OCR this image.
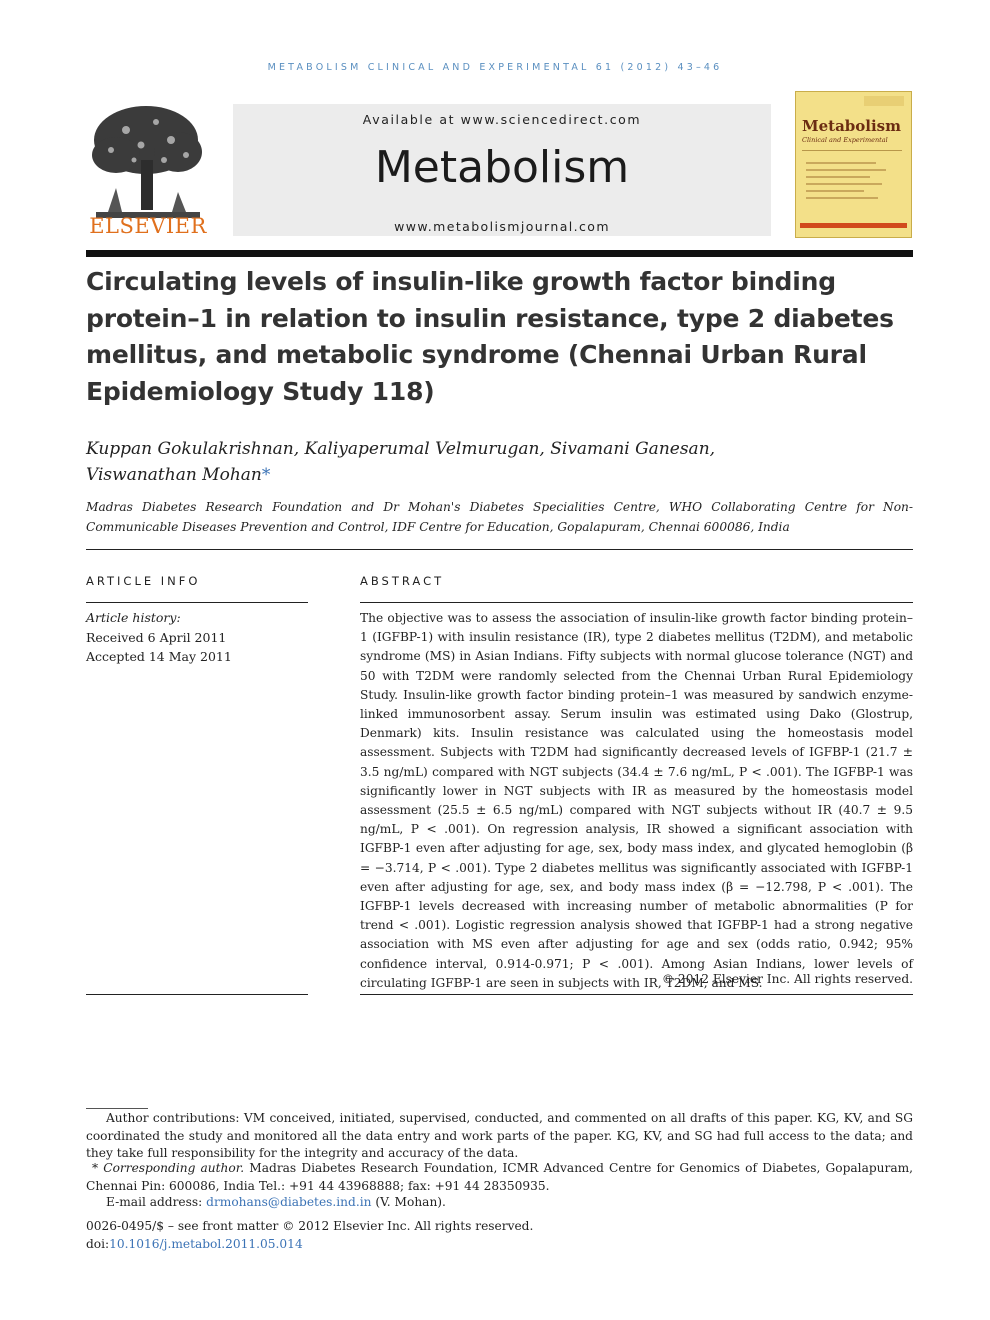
METABOLISM CLINICAL AND EXPERIMENTAL 61 (2012) 43–46
ELSEVIER
Available at www.sciencedirect.com
Metabolism
www.metabolismjournal.com
Metabolism
Clinical and Experimental
Circulating levels of insulin-like growth factor binding protein–1 in relation to insulin resistance, type 2 diabetes mellitus, and metabolic syndrome (Chennai Urban Rural Epidemiology Study 118)
Kuppan Gokulakrishnan, Kaliyaperumal Velmurugan, Sivamani Ganesan,
Viswanathan Mohan*
Madras Diabetes Research Foundation and Dr Mohan's Diabetes Specialities Centre, WHO Collaborating Centre for Non-Communicable Diseases Prevention and Control, IDF Centre for Education, Gopalapuram, Chennai 600086, India
ARTICLE INFO
Article history:
Received 6 April 2011
Accepted 14 May 2011
ABSTRACT
The objective was to assess the association of insulin-like growth factor binding protein–1 (IGFBP-1) with insulin resistance (IR), type 2 diabetes mellitus (T2DM), and metabolic syndrome (MS) in Asian Indians. Fifty subjects with normal glucose tolerance (NGT) and 50 with T2DM were randomly selected from the Chennai Urban Rural Epidemiology Study. Insulin-like growth factor binding protein–1 was measured by sandwich enzyme-linked immunosorbent assay. Serum insulin was estimated using Dako (Glostrup, Denmark) kits. Insulin resistance was calculated using the homeostasis model assessment. Subjects with T2DM had significantly decreased levels of IGFBP-1 (21.7 ± 3.5 ng/mL) compared with NGT subjects (34.4 ± 7.6 ng/mL, P < .001). The IGFBP-1 was significantly lower in NGT subjects with IR as measured by the homeostasis model assessment (25.5 ± 6.5 ng/mL) compared with NGT subjects without IR (40.7 ± 9.5 ng/mL, P < .001). On regression analysis, IR showed a significant association with IGFBP-1 even after adjusting for age, sex, body mass index, and glycated hemoglobin (β = −3.714, P < .001). Type 2 diabetes mellitus was significantly associated with IGFBP-1 even after adjusting for age, sex, and body mass index (β = −12.798, P < .001). The IGFBP-1 levels decreased with increasing number of metabolic abnormalities (P for trend < .001). Logistic regression analysis showed that IGFBP-1 had a strong negative association with MS even after adjusting for age and sex (odds ratio, 0.942; 95% confidence interval, 0.914-0.971; P < .001). Among Asian Indians, lower levels of circulating IGFBP-1 are seen in subjects with IR, T2DM, and MS.
© 2012 Elsevier Inc. All rights reserved.
Author contributions: VM conceived, initiated, supervised, conducted, and commented on all drafts of this paper. KG, KV, and SG coordinated the study and monitored all the data entry and work parts of the paper. KG, KV, and SG had full access to the data; and they take full responsibility for the integrity and accuracy of the data.
* Corresponding author. Madras Diabetes Research Foundation, ICMR Advanced Centre for Genomics of Diabetes, Gopalapuram, Chennai Pin: 600086, India Tel.: +91 44 43968888; fax: +91 44 28350935.
E-mail address: drmohans@diabetes.ind.in (V. Mohan).
0026-0495/$ – see front matter © 2012 Elsevier Inc. All rights reserved.
doi:10.1016/j.metabol.2011.05.014
